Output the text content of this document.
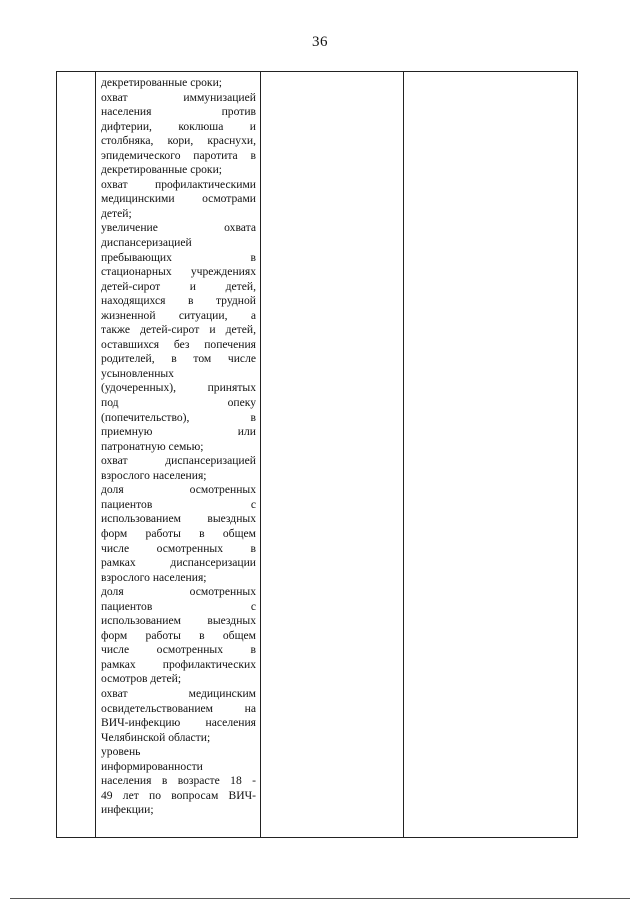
36
декретированные сроки;
охват иммунизацией
населения против
дифтерии, коклюша и
столбняка, кори, краснухи,
эпидемического паротита в
декретированные сроки;
охват профилактическими
медицинскими осмотрами
детей;
увеличение охвата
диспансеризацией
пребывающих в
стационарных учреждениях
детей-сирот и детей,
находящихся в трудной
жизненной ситуации, а
также детей-сирот и детей,
оставшихся без попечения
родителей, в том числе
усыновленных
(удочеренных), принятых
под опеку
(попечительство), в
приемную или
патронатную семью;
охват диспансеризацией
взрослого населения;
доля осмотренных
пациентов с
использованием выездных
форм работы в общем
числе осмотренных в
рамках диспансеризации
взрослого населения;
доля осмотренных
пациентов с
использованием выездных
форм работы в общем
числе осмотренных в
рамках профилактических
осмотров детей;
охват медицинским
освидетельствованием на
ВИЧ-инфекцию населения
Челябинской области;
уровень
информированности
населения в возрасте 18 -
49 лет по вопросам ВИЧ-
инфекции;
